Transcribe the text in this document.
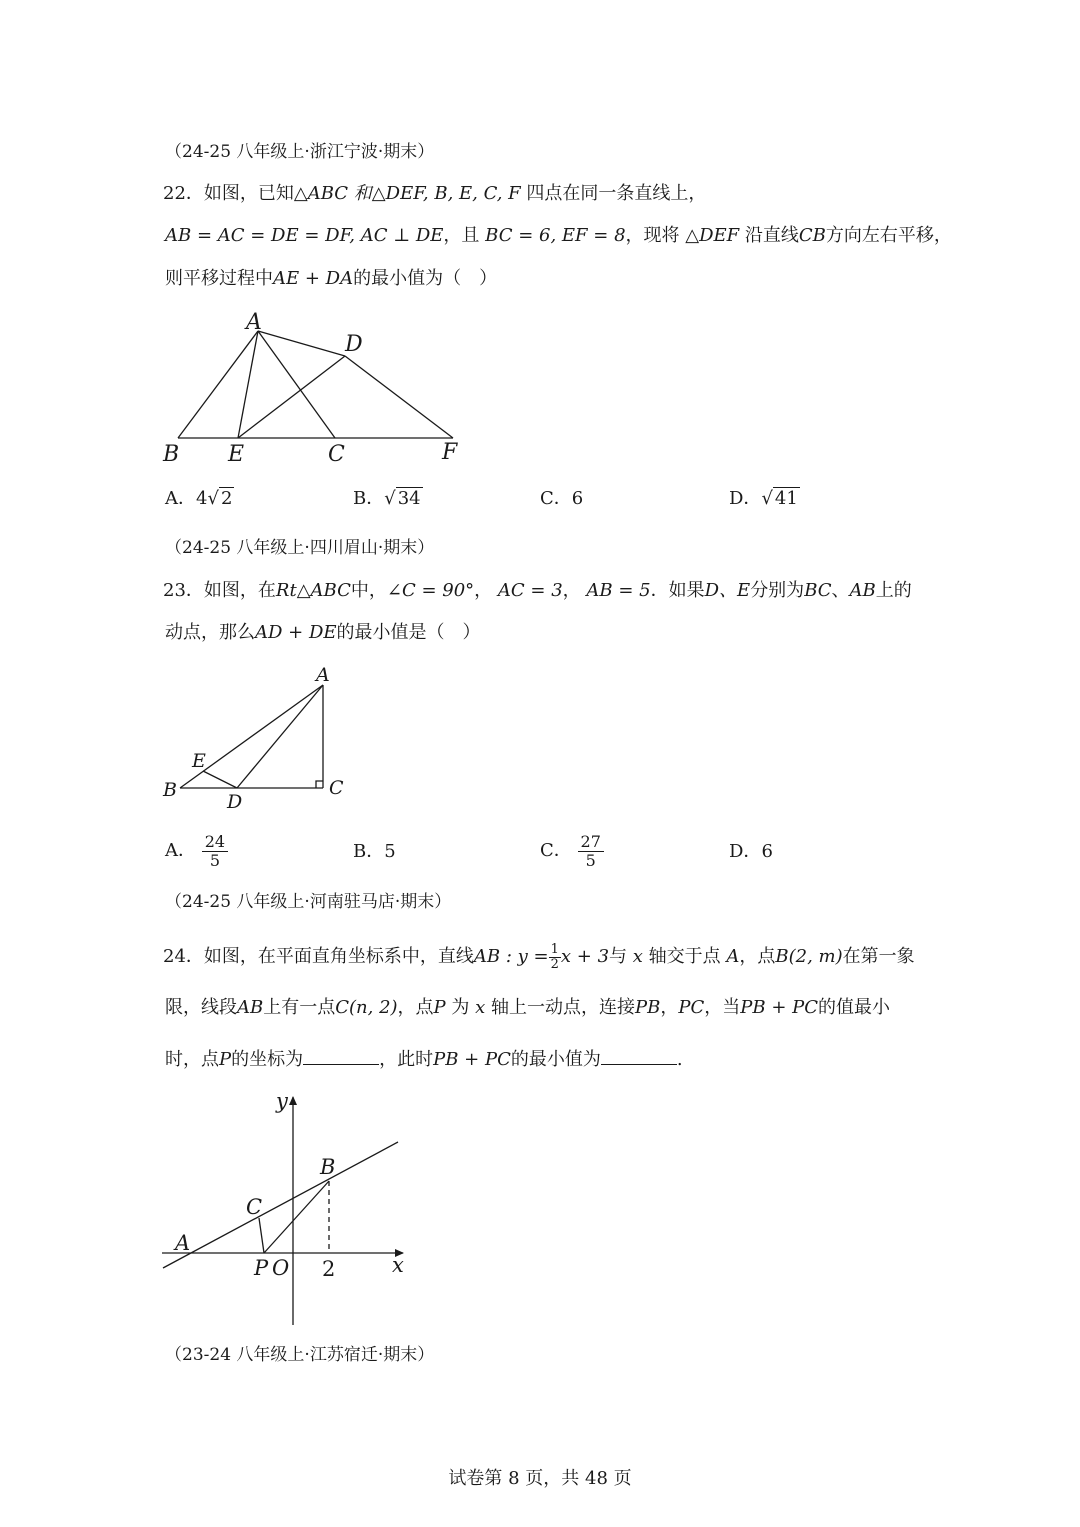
（24-25 八年级上·浙江宁波·期末）
22．如图，已知△ABC 和△DEF, B, E, C, F 四点在同一条直线上，
AB = AC = DE = DF, AC ⊥ DE，且 BC = 6, EF = 8，现将 △DEF 沿直线CB方向左右平移，
则平移过程中AE + DA的最小值为（　）
A
D
B E	C	F
A．4√ 2	B．√ 34	C．6	D．√ 41
（24-25 八年级上·四川眉山·期末）
23．如图，在Rt△ABC中，∠C = 90°， AC = 3， AB = 5．如果D、E分别为BC、AB上的
动点，那么AD + DE的最小值是（　）
A
E
B
D
C
A． $\frac{24}{5}$	B．5	C． $\frac{27}{5}$	D．6
（24-25 八年级上·河南驻马店·期末）
24．如图，在平面直角坐标系中，直线AB : $y = \frac{1}{2}$ x + 3与 x 轴交于点 A，点B(2, m)在第一象
限，线段AB上有一点C(n, 2)，点P 为 x 轴上一动点，连接PB，PC，当PB + PC的值最小
时，点P的坐标为	，此时PB + PC的最小值为	.
y
B
C
A
P O 2	x
（23-24 八年级上·江苏宿迁·期末）
试卷第 8 页，共 48 页
